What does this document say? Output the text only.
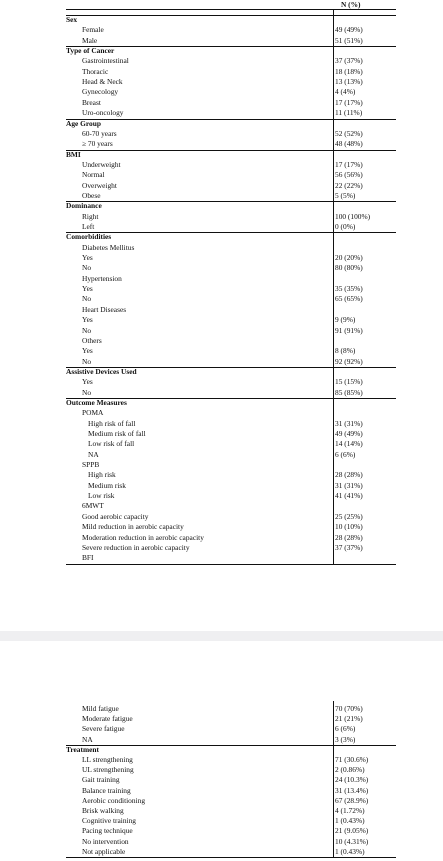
N (%)
Sex
Female	49 (49%)
Male	51 (51%)
Type of Cancer
Gastrointestinal	37 (37%)
Thoracic	18 (18%)
Head & Neck	13 (13%)
Gynecology	4 (4%)
Breast	17 (17%)
Uro-oncology	11 (11%)
Age Group
60-70 years	52 (52%)
≥ 70 years	48 (48%)
BMI
Underweight	17 (17%)
Normal	56 (56%)
Overweight	22 (22%)
Obese	5 (5%)
Dominance
Right	100 (100%)
Left	0 (0%)
Comorbidities
Diabetes Mellitus
Yes	20 (20%)
No	80 (80%)
Hypertension
Yes	35 (35%)
No	65 (65%)
Heart Diseases
Yes	9 (9%)
No	91 (91%)
Others
Yes	8 (8%)
No	92 (92%)
Assistive Devices Used
Yes	15 (15%)
No	85 (85%)
Outcome Measures
POMA
High risk of fall	31 (31%)
Medium risk of fall	49 (49%)
Low risk of fall	14 (14%)
NA	6 (6%)
SPPB
High risk	28 (28%)
Medium risk	31 (31%)
Low risk	41 (41%)
6MWT
Good aerobic capacity	25 (25%)
Mild reduction in aerobic capacity	10 (10%)
Moderation reduction in aerobic capacity	28 (28%)
Severe reduction in aerobic capacity	37 (37%)
BFI
Mild fatigue	70 (70%)
Moderate fatigue	21 (21%)
Severe fatigue	6 (6%)
NA	3 (3%)
Treatment
LL strengthening	71 (30.6%)
UL strengthening	2 (0.86%)
Gait training	24 (10.3%)
Balance training	31 (13.4%)
Aerobic conditioning	67 (28.9%)
Brisk walking	4 (1.72%)
Cognitive training	1 (0.43%)
Pacing technique	21 (9.05%)
No intervention	10 (4.31%)
Not applicable	1 (0.43%)
